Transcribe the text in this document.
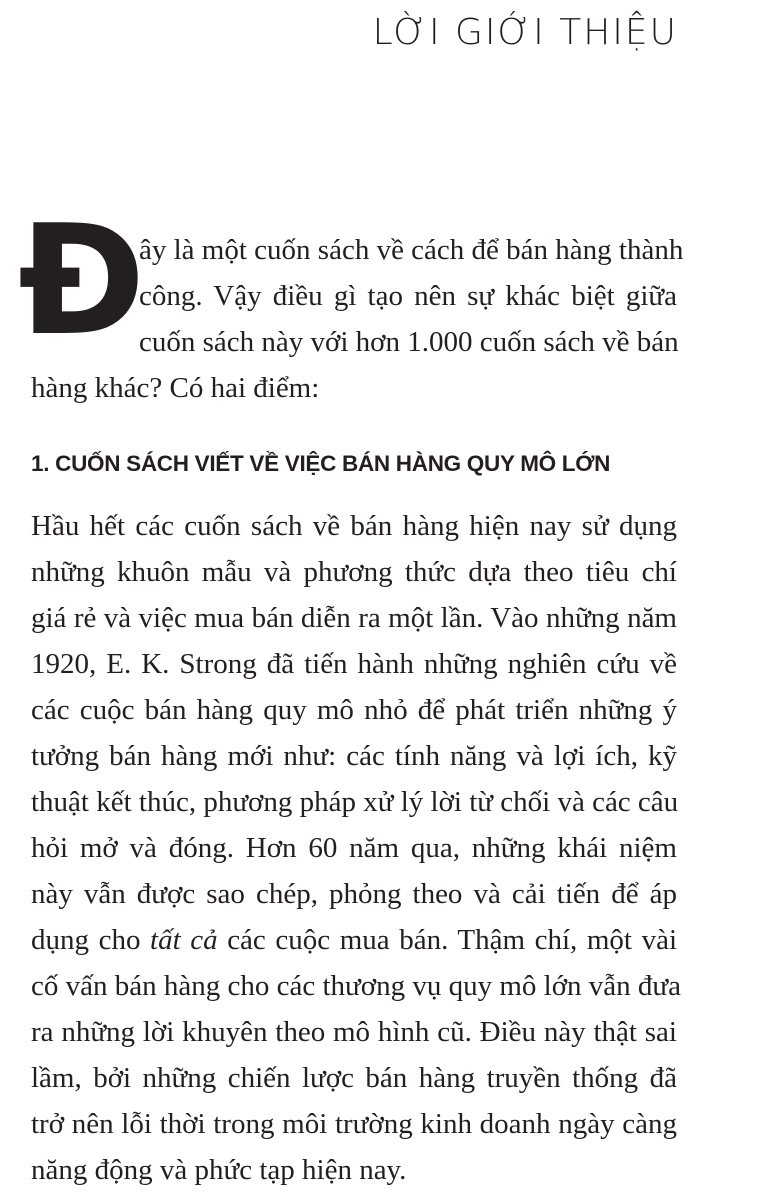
LỜI GIỚI THIỆU
Đ
ây là một cuốn sách về cách để bán hàng thành
công. Vậy điều gì tạo nên sự khác biệt giữa
cuốn sách này với hơn 1.000 cuốn sách về bán
hàng khác? Có hai điểm:
1. CUỐN SÁCH VIẾT VỀ VIỆC BÁN HÀNG QUY MÔ LỚN
Hầu hết các cuốn sách về bán hàng hiện nay sử dụng
những khuôn mẫu và phương thức dựa theo tiêu chí
giá rẻ và việc mua bán diễn ra một lần. Vào những năm
1920, E. K. Strong đã tiến hành những nghiên cứu về
các cuộc bán hàng quy mô nhỏ để phát triển những ý
tưởng bán hàng mới như: các tính năng và lợi ích, kỹ
thuật kết thúc, phương pháp xử lý lời từ chối và các câu
hỏi mở và đóng. Hơn 60 năm qua, những khái niệm
này vẫn được sao chép, phỏng theo và cải tiến để áp
dụng cho tất cả các cuộc mua bán. Thậm chí, một vài
cố vấn bán hàng cho các thương vụ quy mô lớn vẫn đưa
ra những lời khuyên theo mô hình cũ. Điều này thật sai
lầm, bởi những chiến lược bán hàng truyền thống đã
trở nên lỗi thời trong môi trường kinh doanh ngày càng
năng động và phức tạp hiện nay.
